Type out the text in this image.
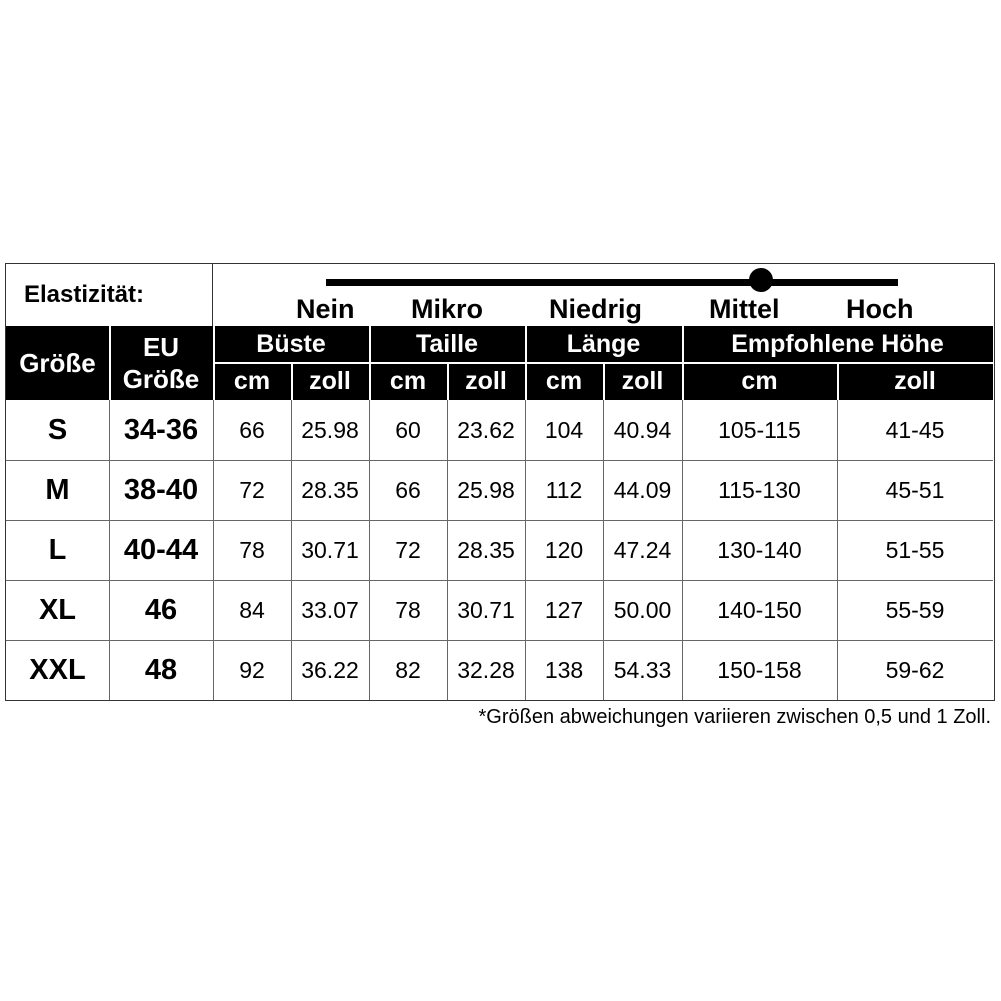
Elastizität:	Nein Mikro Niedrig Mittel Hoch
Größe
EU
Größe
Büste	Taille	Länge	Empfohlene Höhe
cm	zoll	cm	zoll	cm	zoll	cm	zoll
S	34-36	66	25.98	60	23.62	104	40.94	105-115	41-45
M	38-40	72	28.35	66	25.98	112	44.09	115-130	45-51
L	40-44	78	30.71	72	28.35	120	47.24	130-140	51-55
XL	46	84	33.07	78	30.71	127	50.00	140-150	55-59
XXL	48	92	36.22	82	32.28	138	54.33	150-158	59-62
*Größen abweichungen variieren zwischen 0,5 und 1 Zoll.
